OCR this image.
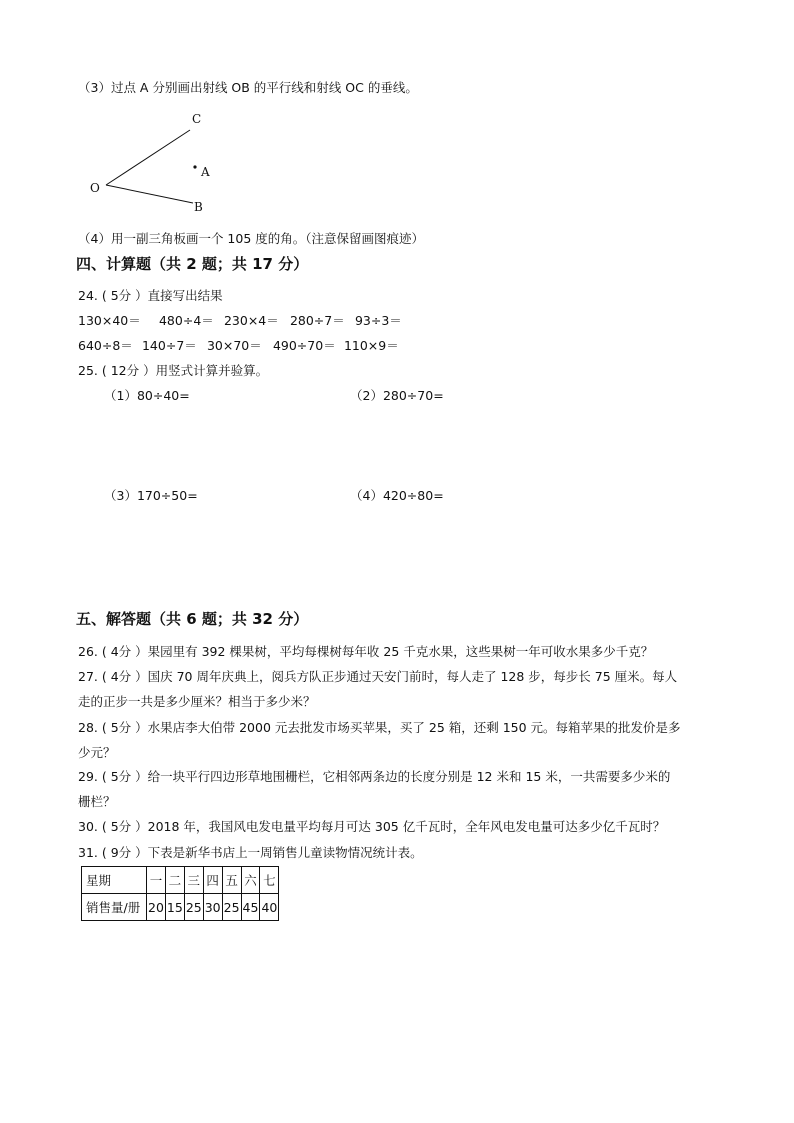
（3）过点 A 分别画出射线 OB 的平行线和射线 OC 的垂线。
C
A
O
B
（4）用一副三角板画一个 105 度的角。（注意保留画图痕迹）
四、计算题（共 2 题；共 17 分）
24. ( 5分 ）直接写出结果
130×40＝ 480÷4＝ 230×4＝ 280÷7＝ 93÷3＝
640÷8＝ 140÷7＝ 30×70＝ 490÷70＝ 110×9＝
25. ( 12分 ）用竖式计算并验算。
（1）80÷40=	（2）280÷70=
（3）170÷50=	（4）420÷80=
五、解答题（共 6 题；共 32 分）
26. ( 4分 ）果园里有 392 棵果树，平均每棵树每年收 25 千克水果，这些果树一年可收水果多少千克？
27. ( 4分 ）国庆 70 周年庆典上，阅兵方队正步通过天安门前时，每人走了 128 步，每步长 75 厘米。每人
走的正步一共是多少厘米？相当于多少米？
28. ( 5分 ）水果店李大伯带 2000 元去批发市场买苹果，买了 25 箱，还剩 150 元。每箱苹果的批发价是多
少元？
29. ( 5分 ）给一块平行四边形草地围栅栏，它相邻两条边的长度分别是 12 米和 15 米，一共需要多少米的
栅栏？
30. ( 5分 ）2018 年，我国风电发电量平均每月可达 305 亿千瓦时，全年风电发电量可达多少亿千瓦时？
31. ( 9分 ）下表是新华书店上一周销售儿童读物情况统计表。
星期	一	二	三	四	五	六	七
销售量/册	20	15	25	30	25	45	40
